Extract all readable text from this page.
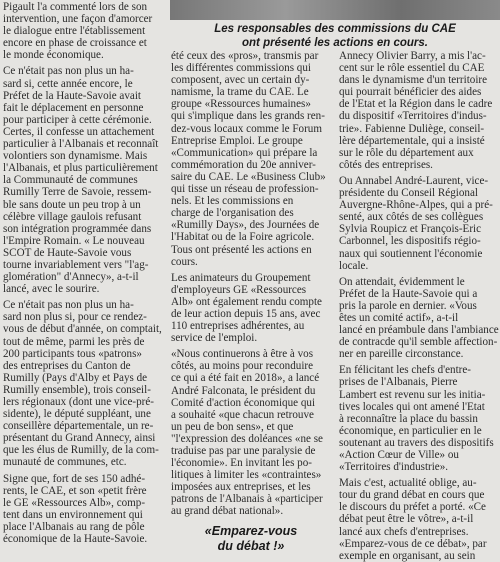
Les responsables des commissions du CAE
ont présenté les actions en cours.
Pigault l'a commenté lors de son
intervention, une façon d'amorcer
le dialogue entre l'établissement
encore en phase de croissance et
le monde économique.
Ce n'était pas non plus un ha-
sard si, cette année encore, le
Préfet de la Haute-Savoie avait
fait le déplacement en personne
pour participer à cette cérémonie.
Certes, il confesse un attachement
particulier à l'Albanais et reconnaît
volontiers son dynamisme. Mais
l'Albanais, et plus particulièrement
la Communauté de communes
Rumilly Terre de Savoie, ressem-
ble sans doute un peu trop à un
célèbre village gaulois refusant
son intégration programmée dans
l'Empire Romain. « Le nouveau
SCOT de Haute-Savoie vous
tourne invariablement vers "l'ag-
glomération" d'Annecy», a-t-il
lancé, avec le sourire.
Ce n'était pas non plus un ha-
sard non plus si, pour ce rendez-
vous de début d'année, on comptait,
tout de même, parmi les près de
200 participants tous «patrons»
des entreprises du Canton de
Rumilly (Pays d'Alby et Pays de
Rumilly ensemble), trois conseil-
lers régionaux (dont une vice-pré-
sidente), le député suppléant, une
conseillère départementale, un re-
présentant du Grand Annecy, ainsi
que les élus de Rumilly, de la com-
munauté de communes, etc.
Signe que, fort de ses 150 adhé-
rents, le CAE, et son «petit frère
le GE «Ressources Alb», comp-
tent dans un environnement qui
place l'Albanais au rang de pôle
économique de la Haute-Savoie.
été ceux des «pros», transmis par
les différentes commissions qui
composent, avec un certain dy-
namisme, la trame du CAE. Le
groupe «Ressources humaines»
qui s'implique dans les grands ren-
dez-vous locaux comme le Forum
Entreprise Emploi. Le groupe
«Communication» qui prépare la
commémoration du 20e anniver-
saire du CAE. Le «Business Club»
qui tisse un réseau de profession-
nels. Et les commissions en
charge de l'organisation des
«Rumilly Days», des Journées de
l'Habitat ou de la Foire agricole.
Tous ont présenté les actions en
cours.
Les animateurs du Groupement
d'employeurs GE «Ressources
Alb» ont également rendu compte
de leur action depuis 15 ans, avec
110 entreprises adhérentes, au
service de l'emploi.
«Nous continuerons à être à vos
côtés, au moins pour reconduire
ce qui a été fait en 2018», a lancé
André Falconata, le président du
Comité d'action économique qui
a souhaité «que chacun retrouve
un peu de bon sens», et que
"l'expression des doléances «ne se
traduise pas par une paralysie de
l'économie». En invitant les po-
litiques à limiter les «contraintes»
imposées aux entreprises, et les
patrons de l'Albanais à «participer
au grand débat national».
«Emparez-vous
du débat !»
Annecy Olivier Barry, a mis l'ac-
cent sur le rôle essentiel du CAE
dans le dynamisme d'un territoire
qui pourrait bénéficier des aides
de l'Etat et la Région dans le cadre
du dispositif «Territoires d'indus-
trie». Fabienne Duliège, conseil-
lère départementale, qui a insisté
sur le rôle du département aux
côtés des entreprises.
Ou Annabel André-Laurent, vice-
présidente du Conseil Régional
Auvergne-Rhône-Alpes, qui a pré-
senté, aux côtés de ses collègues
Sylvia Roupicz et François-Eric
Carbonnel, les dispositifs régio-
naux qui soutiennent l'économie
locale.
On attendait, évidemment le
Préfet de la Haute-Savoie qui a
pris la parole en dernier. «Vous
êtes un comité actif», a-t-il
lancé en préambule dans l'ambiance
de contracde qu'il semble affection-
ner en pareille circonstance.
En félicitant les chefs d'entre-
prises de l'Albanais, Pierre
Lambert est revenu sur les initia-
tives locales qui ont amené l'Etat
à reconnaître la place du bassin
économique, en particulier en le
soutenant au travers des dispositifs
«Action Cœur de Ville» ou
«Territoires d'industrie».
Mais c'est, actualité oblige, au-
tour du grand débat en cours que
le discours du préfet a porté. «Ce
débat peut être le vôtre», a-t-il
lancé aux chefs d'entreprises.
«Emparez-vous de ce débat», par
exemple en organisant, au sein
